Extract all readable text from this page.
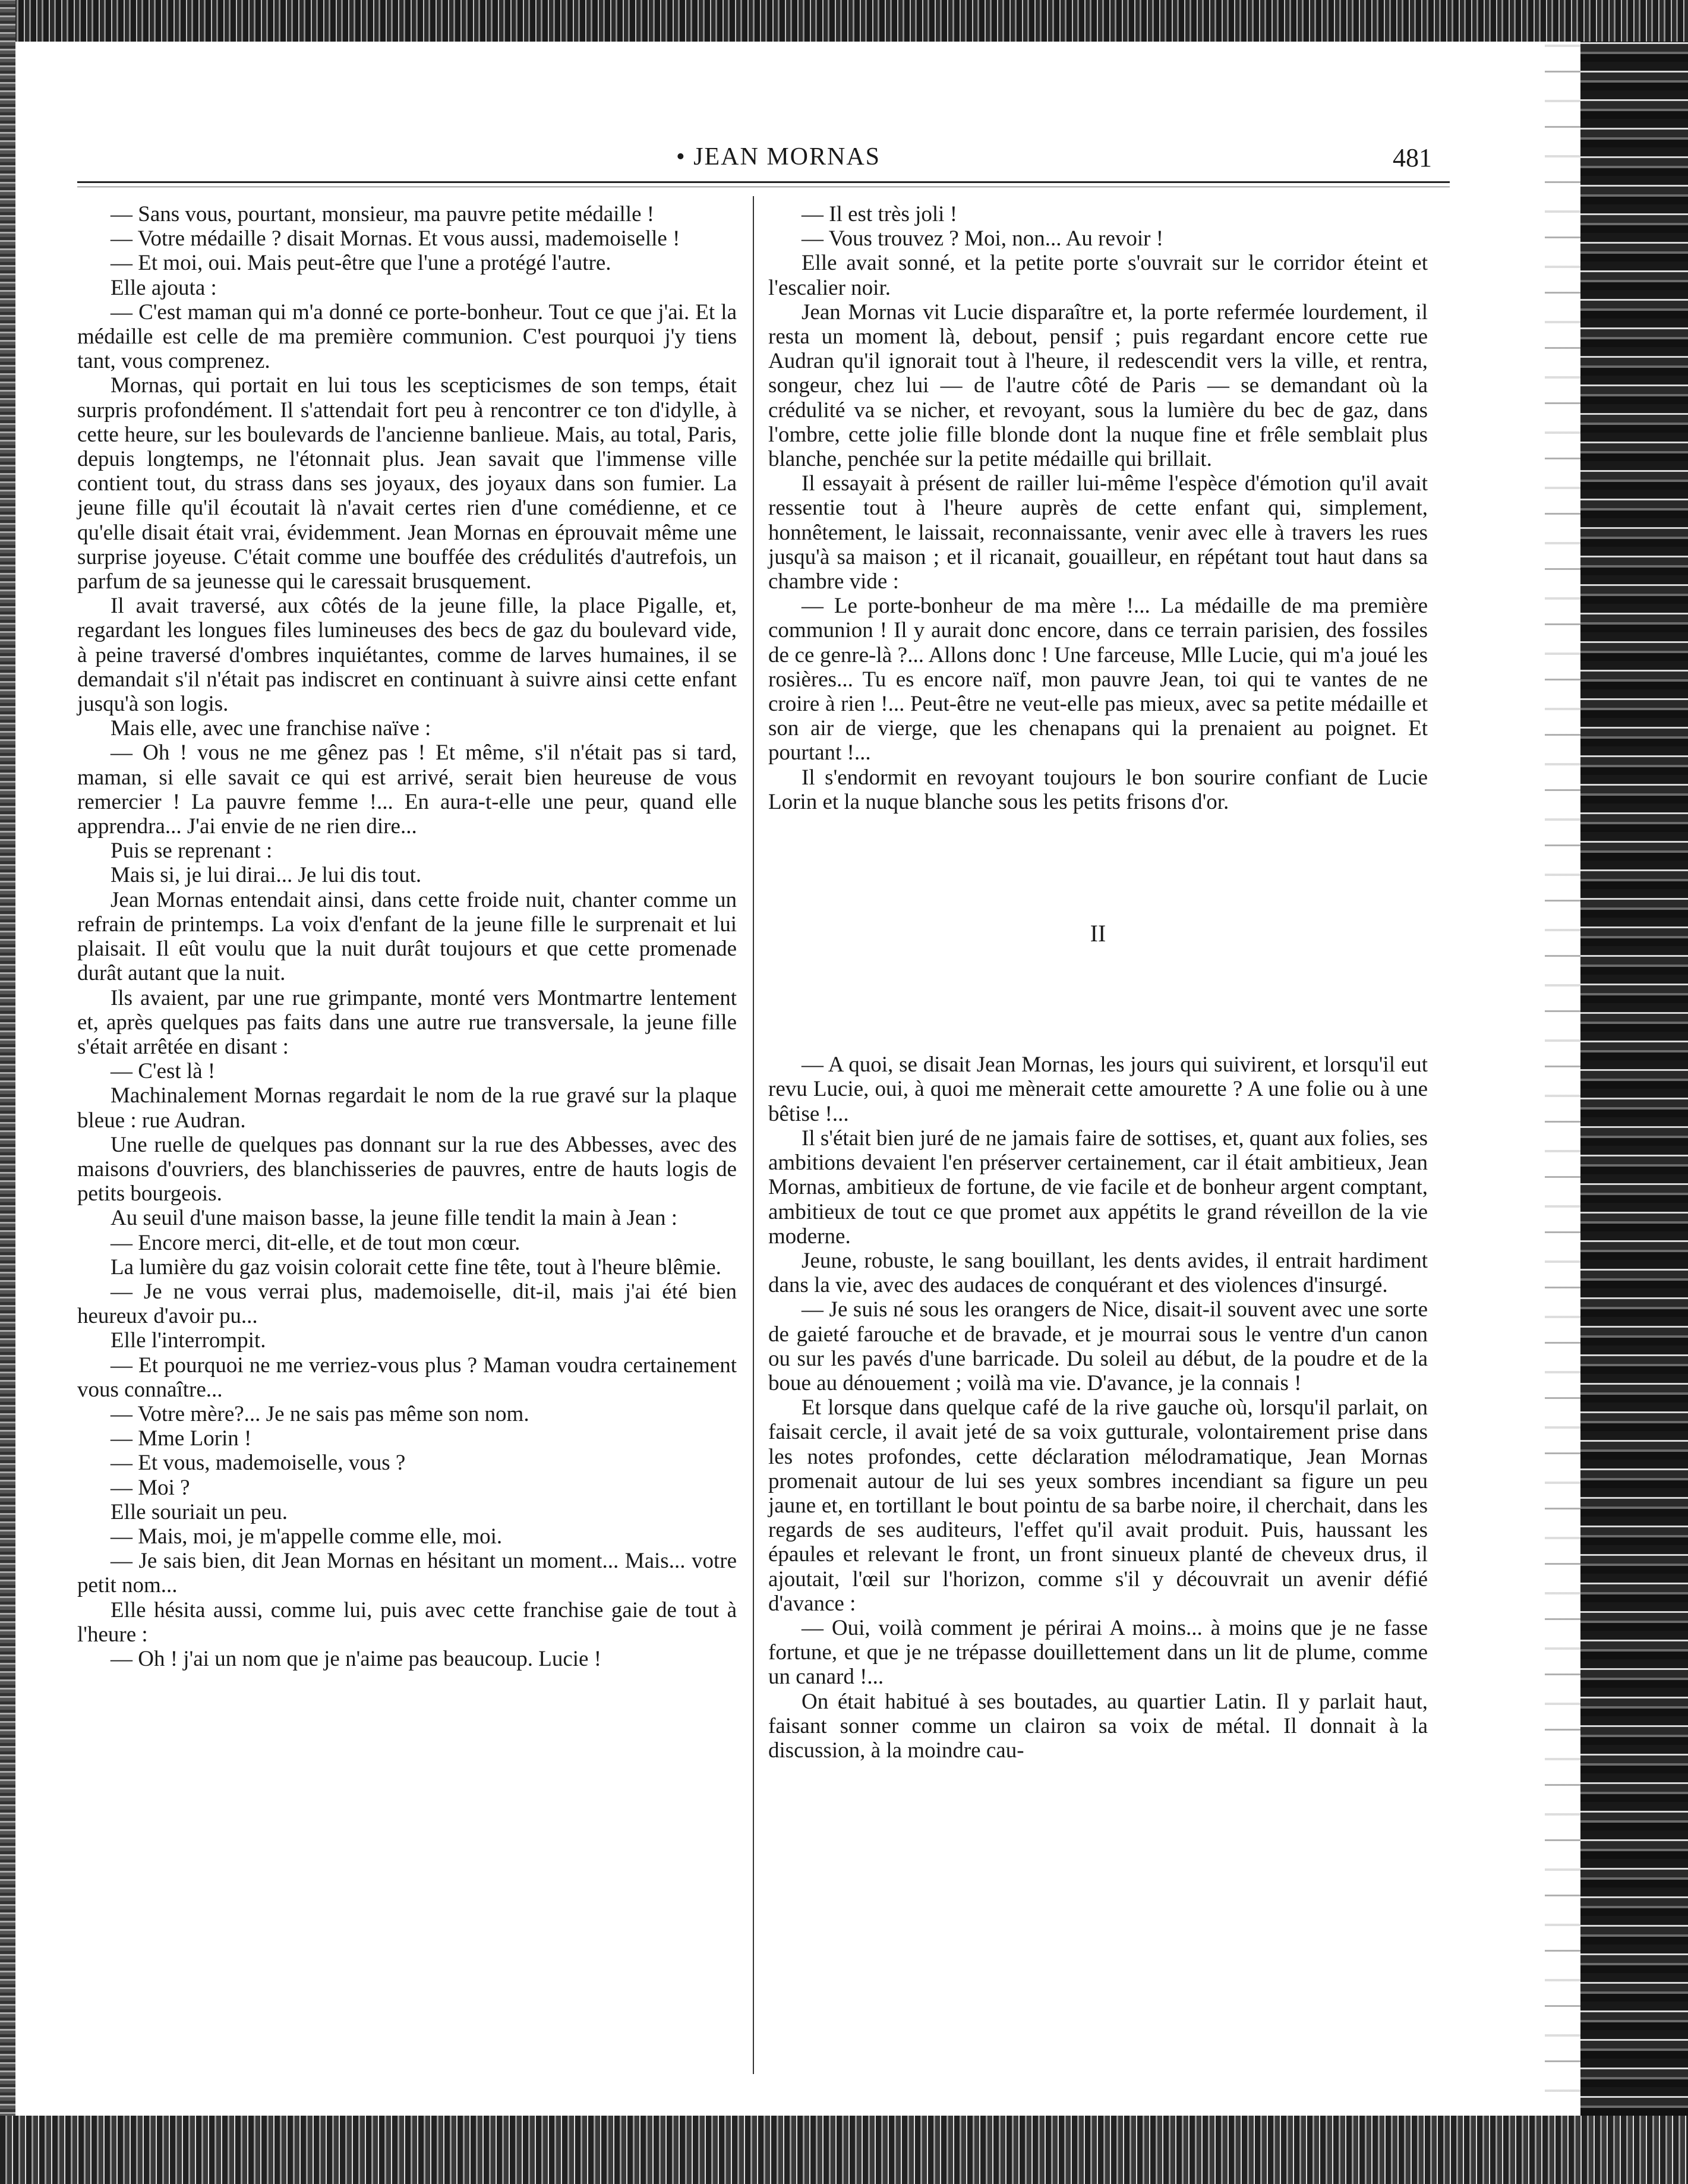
• JEAN MORNAS	481

— Sans vous, pourtant, monsieur, ma pauvre petite médaille !

— Votre médaille ? disait Mornas. Et vous aussi, mademoiselle !

— Et moi, oui. Mais peut-être que l'une a protégé l'autre.

Elle ajouta :

— C'est maman qui m'a donné ce porte-bonheur. Tout ce que j'ai. Et la médaille est celle de ma première communion. C'est pourquoi j'y tiens tant, vous comprenez.

Mornas, qui portait en lui tous les scepticismes de son temps, était surpris profondément. Il s'attendait fort peu à rencontrer ce ton d'idylle, à cette heure, sur les boulevards de l'ancienne banlieue. Mais, au total, Paris, depuis longtemps, ne l'étonnait plus. Jean savait que l'immense ville contient tout, du strass dans ses joyaux, des joyaux dans son fumier. La jeune fille qu'il écoutait là n'avait certes rien d'une comédienne, et ce qu'elle disait était vrai, évidemment. Jean Mornas en éprouvait même une surprise joyeuse. C'était comme une bouffée des crédulités d'autrefois, un parfum de sa jeunesse qui le caressait brusquement.

Il avait traversé, aux côtés de la jeune fille, la place Pigalle, et, regardant les longues files lumineuses des becs de gaz du boulevard vide, à peine traversé d'ombres inquiétantes, comme de larves humaines, il se demandait s'il n'était pas indiscret en continuant à suivre ainsi cette enfant jusqu'à son logis.

Mais elle, avec une franchise naïve :

— Oh ! vous ne me gênez pas ! Et même, s'il n'était pas si tard, maman, si elle savait ce qui est arrivé, serait bien heureuse de vous remercier ! La pauvre femme !... En aura-t-elle une peur, quand elle apprendra... J'ai envie de ne rien dire...

Puis se reprenant :

Mais si, je lui dirai... Je lui dis tout.

Jean Mornas entendait ainsi, dans cette froide nuit, chanter comme un refrain de printemps. La voix d'enfant de la jeune fille le surprenait et lui plaisait. Il eût voulu que la nuit durât toujours et que cette promenade durât autant que la nuit.

Ils avaient, par une rue grimpante, monté vers Montmartre lentement et, après quelques pas faits dans une autre rue transversale, la jeune fille s'était arrêtée en disant :

— C'est là !

Machinalement Mornas regardait le nom de la rue gravé sur la plaque bleue : rue Audran.

Une ruelle de quelques pas donnant sur la rue des Abbesses, avec des maisons d'ouvriers, des blanchisseries de pauvres, entre de hauts logis de petits bourgeois.

Au seuil d'une maison basse, la jeune fille tendit la main à Jean :

— Encore merci, dit-elle, et de tout mon cœur.

La lumière du gaz voisin colorait cette fine tête, tout à l'heure blêmie.

— Je ne vous verrai plus, mademoiselle, dit-il, mais j'ai été bien heureux d'avoir pu...

Elle l'interrompit.

— Et pourquoi ne me verriez-vous plus ? Maman voudra certainement vous connaître...

— Votre mère?... Je ne sais pas même son nom.

— Mme Lorin !

— Et vous, mademoiselle, vous ?

— Moi ?

Elle souriait un peu.

— Mais, moi, je m'appelle comme elle, moi.

— Je sais bien, dit Jean Mornas en hésitant un moment... Mais... votre petit nom...

Elle hésita aussi, comme lui, puis avec cette franchise gaie de tout à l'heure :

— Oh ! j'ai un nom que je n'aime pas beaucoup. Lucie !

— Il est très joli !

— Vous trouvez ? Moi, non... Au revoir !

Elle avait sonné, et la petite porte s'ouvrait sur le corridor éteint et l'escalier noir.

Jean Mornas vit Lucie disparaître et, la porte refermée lourdement, il resta un moment là, debout, pensif ; puis regardant encore cette rue Audran qu'il ignorait tout à l'heure, il redescendit vers la ville, et rentra, songeur, chez lui — de l'autre côté de Paris — se demandant où la crédulité va se nicher, et revoyant, sous la lumière du bec de gaz, dans l'ombre, cette jolie fille blonde dont la nuque fine et frêle semblait plus blanche, penchée sur la petite médaille qui brillait.

Il essayait à présent de railler lui-même l'espèce d'émotion qu'il avait ressentie tout à l'heure auprès de cette enfant qui, simplement, honnêtement, le laissait, reconnaissante, venir avec elle à travers les rues jusqu'à sa maison ; et il ricanait, gouailleur, en répétant tout haut dans sa chambre vide :

— Le porte-bonheur de ma mère !... La médaille de ma première communion ! Il y aurait donc encore, dans ce terrain parisien, des fossiles de ce genre-là ?... Allons donc ! Une farceuse, Mlle Lucie, qui m'a joué les rosières... Tu es encore naïf, mon pauvre Jean, toi qui te vantes de ne croire à rien !... Peut-être ne veut-elle pas mieux, avec sa petite médaille et son air de vierge, que les chenapans qui la prenaient au poignet. Et pourtant !...

Il s'endormit en revoyant toujours le bon sourire confiant de Lucie Lorin et la nuque blanche sous les petits frisons d'or.

II

— A quoi, se disait Jean Mornas, les jours qui suivirent, et lorsqu'il eut revu Lucie, oui, à quoi me mènerait cette amourette ? A une folie ou à une bêtise !...

Il s'était bien juré de ne jamais faire de sottises, et, quant aux folies, ses ambitions devaient l'en préserver certainement, car il était ambitieux, Jean Mornas, ambitieux de fortune, de vie facile et de bonheur argent comptant, ambitieux de tout ce que promet aux appétits le grand réveillon de la vie moderne.

Jeune, robuste, le sang bouillant, les dents avides, il entrait hardiment dans la vie, avec des audaces de conquérant et des violences d'insurgé.

— Je suis né sous les orangers de Nice, disait-il souvent avec une sorte de gaieté farouche et de bravade, et je mourrai sous le ventre d'un canon ou sur les pavés d'une barricade. Du soleil au début, de la poudre et de la boue au dénouement ; voilà ma vie. D'avance, je la connais !

Et lorsque dans quelque café de la rive gauche où, lorsqu'il parlait, on faisait cercle, il avait jeté de sa voix gutturale, volontairement prise dans les notes profondes, cette déclaration mélodramatique, Jean Mornas promenait autour de lui ses yeux sombres incendiant sa figure un peu jaune et, en tortillant le bout pointu de sa barbe noire, il cherchait, dans les regards de ses auditeurs, l'effet qu'il avait produit. Puis, haussant les épaules et relevant le front, un front sinueux planté de cheveux drus, il ajoutait, l'œil sur l'horizon, comme s'il y découvrait un avenir défié d'avance :

— Oui, voilà comment je périrai A moins... à moins que je ne fasse fortune, et que je ne trépasse douillettement dans un lit de plume, comme un canard !...

On était habitué à ses boutades, au quartier Latin. Il y parlait haut, faisant sonner comme un clairon sa voix de métal. Il donnait à la discussion, à la moindre cau-
